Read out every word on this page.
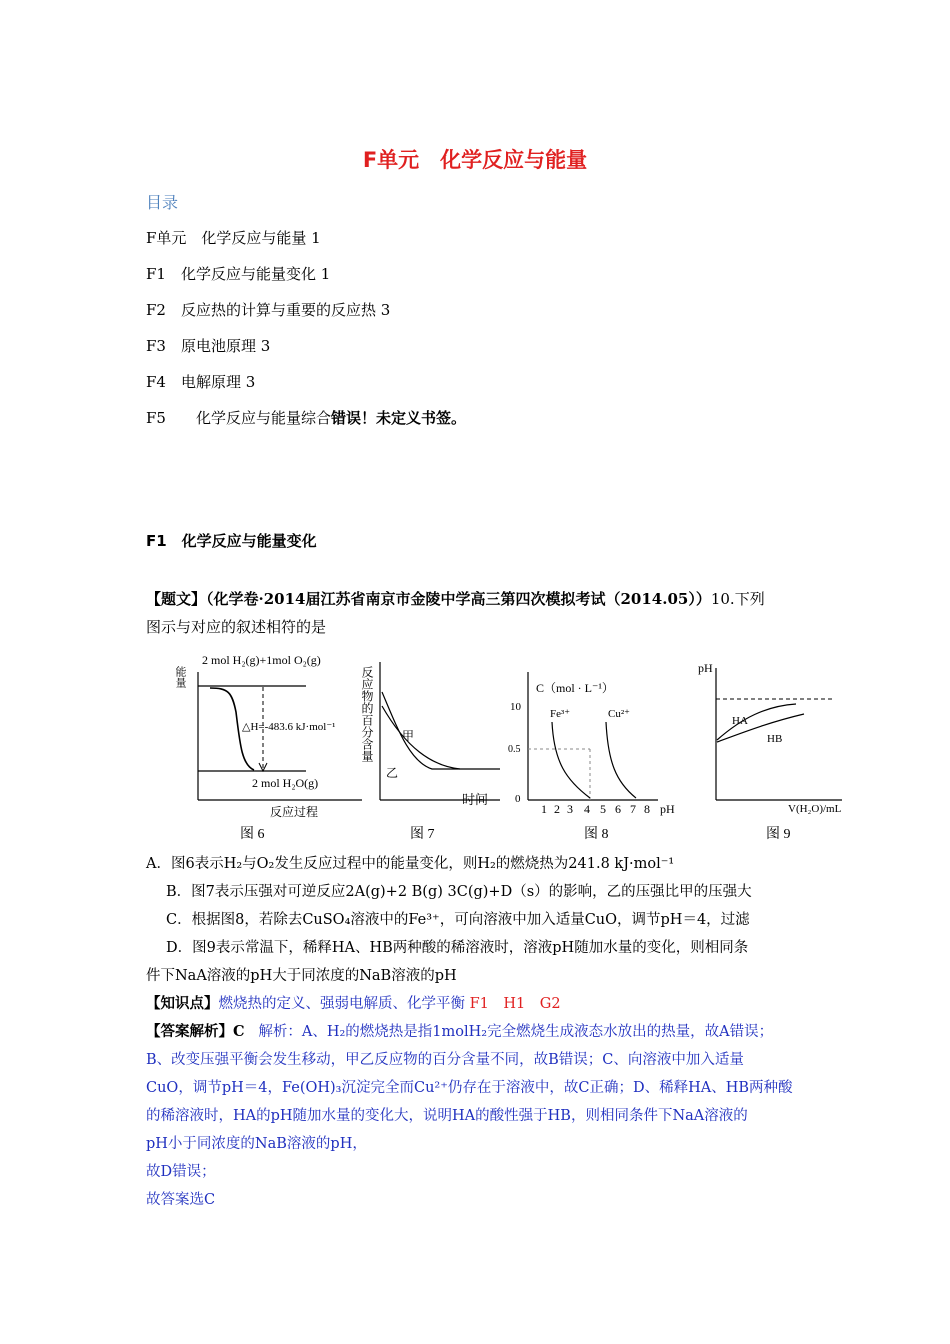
F单元　化学反应与能量
目录
F单元　化学反应与能量 1
F1　化学反应与能量变化 1
F2　反应热的计算与重要的反应热 3
F3　原电池原理 3
F4　电解原理 3
F5　　化学反应与能量综合错误！未定义书签。
F1　化学反应与能量变化
【题文】（化学卷·2014届江苏省南京市金陵中学高三第四次模拟考试（2014.05））10.下列
图示与对应的叙述相符的是
能量
2 mol H₂(g)+1mol O₂(g)
△H=-483.6 kJ·mol⁻¹
2 mol H₂O(g)
反应过程
图 6
反应物的百分含量 甲
乙
时间
图 7
C（mol · L⁻¹）
10
0.5
0
Fe³⁺	Cu²⁺
1 2 3 4 5 6 7 8 pH
图 8
pH
HA
HB
V(H₂O)/mL
图 9
A．图6表示H₂与O₂发生反应过程中的能量变化，则H₂的燃烧热为241.8 kJ·mol⁻¹
B．图7表示压强对可逆反应2A(g)+2 B(g) 3C(g)+D（s）的影响，乙的压强比甲的压强大
C．根据图8，若除去CuSO₄溶液中的Fe³⁺，可向溶液中加入适量CuO，调节pH＝4，过滤
D．图9表示常温下，稀释HA、HB两种酸的稀溶液时，溶液pH随加水量的变化，则相同条
件下NaA溶液的pH大于同浓度的NaB溶液的pH
【知识点】燃烧热的定义、强弱电解质、化学平衡 F1　H1　G2
【答案解析】C 解析：A、H₂的燃烧热是指1molH₂完全燃烧生成液态水放出的热量，故A错误；
B、改变压强平衡会发生移动，甲乙反应物的百分含量不同，故B错误；C、向溶液中加入适量
CuO，调节pH＝4，Fe(OH)₃沉淀完全而Cu²⁺仍存在于溶液中，故C正确；D、稀释HA、HB两种酸
的稀溶液时，HA的pH随加水量的变化大，说明HA的酸性强于HB，则相同条件下NaA溶液的
pH小于同浓度的NaB溶液的pH，
故D错误；
故答案选C
